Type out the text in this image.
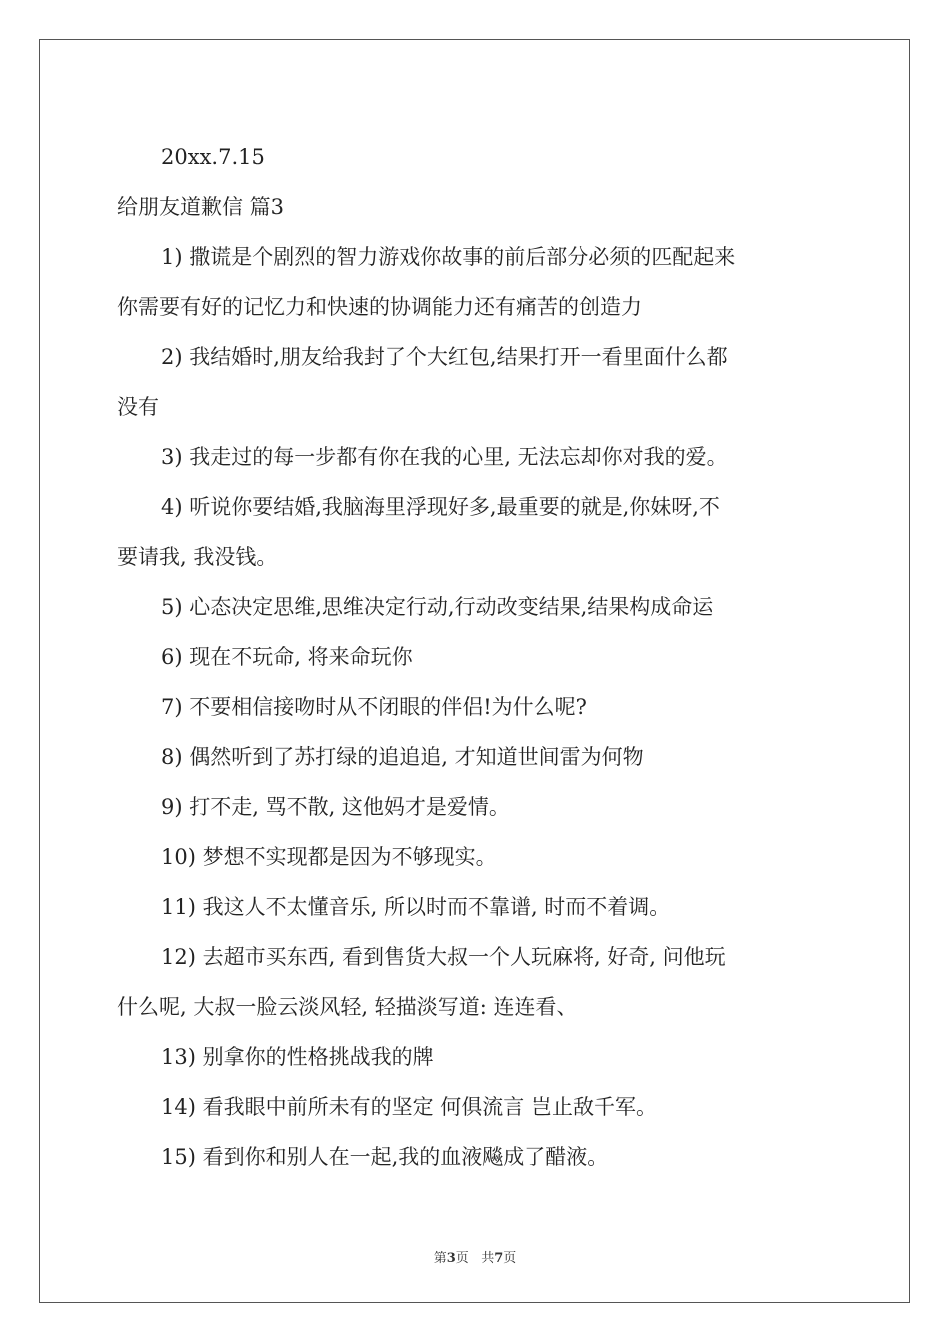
20xx.7.15

给朋友道歉信 篇3

1) 撒谎是个剧烈的智力游戏你故事的前后部分必须的匹配起来

你需要有好的记忆力和快速的协调能力还有痛苦的创造力

2) 我结婚时,朋友给我封了个大红包,结果打开一看里面什么都

没有

3) 我走过的每一步都有你在我的心里, 无法忘却你对我的爱。

4) 听说你要结婚,我脑海里浮现好多,最重要的就是,你妹呀,不

要请我, 我没钱。

5) 心态决定思维,思维决定行动,行动改变结果,结果构成命运

6) 现在不玩命, 将来命玩你

7) 不要相信接吻时从不闭眼的伴侣!为什么呢?

8) 偶然听到了苏打绿的追追追, 才知道世间雷为何物

9) 打不走, 骂不散, 这他妈才是爱情。

10) 梦想不实现都是因为不够现实。

11) 我这人不太懂音乐, 所以时而不靠谱, 时而不着调。

12) 去超市买东西, 看到售货大叔一个人玩麻将, 好奇, 问他玩

什么呢, 大叔一脸云淡风轻, 轻描淡写道: 连连看、

13) 别拿你的性格挑战我的牌

14) 看我眼中前所未有的坚定 何俱流言 岂止敌千军。

15) 看到你和别人在一起,我的血液飚成了醋液。

第3页 共7页
